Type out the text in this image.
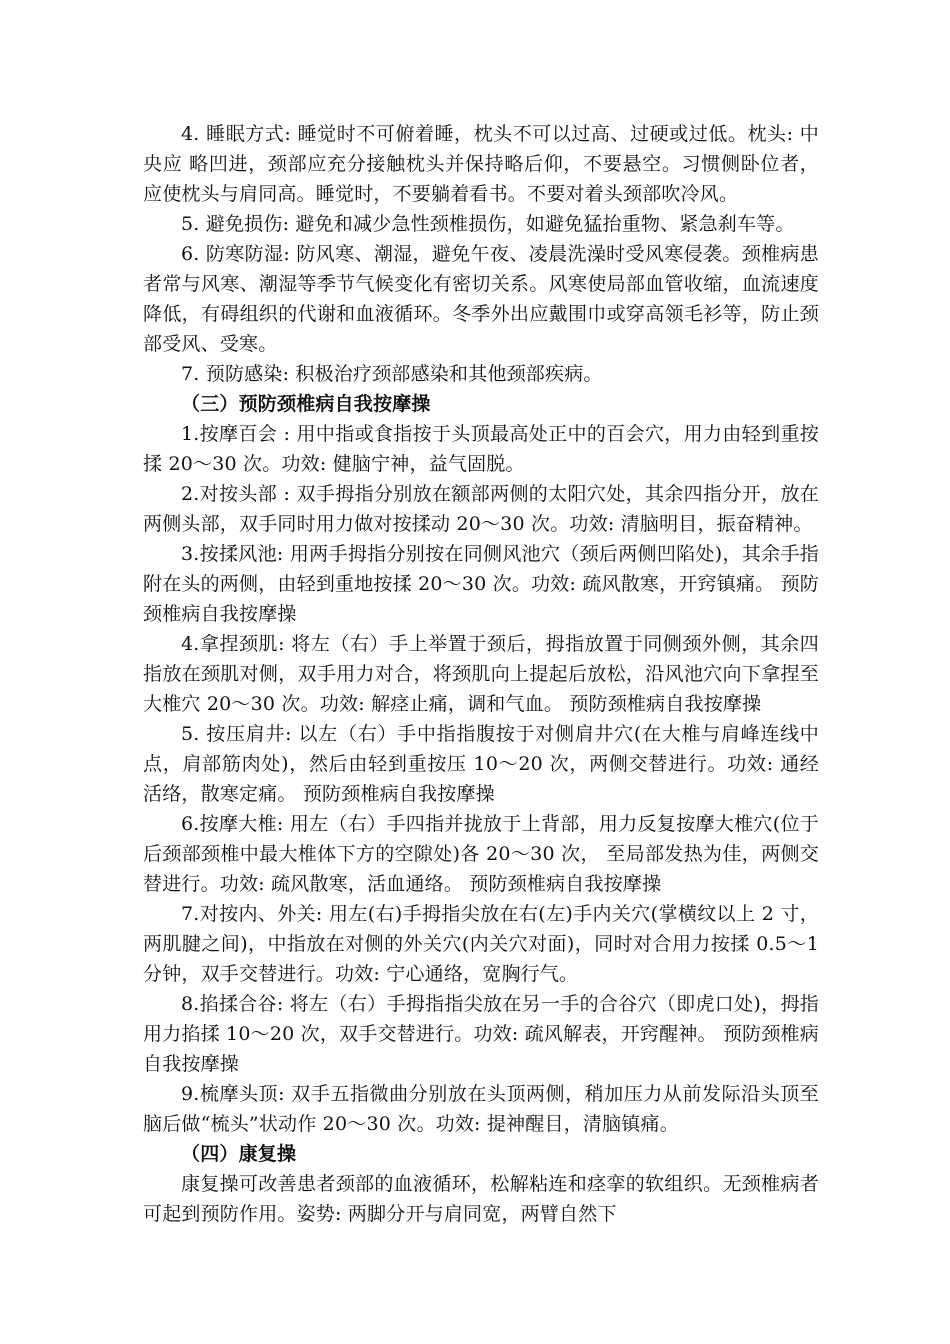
4. 睡眠方式: 睡觉时不可俯着睡，枕头不可以过高、过硬或过低。枕头: 中央应 略凹进，颈部应充分接触枕头并保持略后仰，不要悬空。习惯侧卧位者，应使枕头与肩同高。睡觉时，不要躺着看书。不要对着头颈部吹冷风。

5. 避免损伤: 避免和减少急性颈椎损伤，如避免猛抬重物、紧急刹车等。

6. 防寒防湿: 防风寒、潮湿，避免午夜、凌晨洗澡时受风寒侵袭。颈椎病患者常与风寒、潮湿等季节气候变化有密切关系。风寒使局部血管收缩，血流速度降低，有碍组织的代谢和血液循环。冬季外出应戴围巾或穿高领毛衫等，防止颈部受风、受寒。

7. 预防感染: 积极治疗颈部感染和其他颈部疾病。

（三）预防颈椎病自我按摩操

1.按摩百会 : 用中指或食指按于头顶最高处正中的百会穴，用力由轻到重按揉 20～30 次。功效: 健脑宁神，益气固脱。

2.对按头部 : 双手拇指分别放在额部两侧的太阳穴处，其余四指分开，放在两侧头部，双手同时用力做对按揉动 20～30 次。功效: 清脑明目，振奋精神。

3.按揉风池: 用两手拇指分别按在同侧风池穴（颈后两侧凹陷处)，其余手指附在头的两侧，由轻到重地按揉 20～30 次。功效: 疏风散寒，开窍镇痛。 预防颈椎病自我按摩操

4.拿捏颈肌: 将左（右）手上举置于颈后，拇指放置于同侧颈外侧，其余四指放在颈肌对侧，双手用力对合，将颈肌向上提起后放松，沿风池穴向下拿捏至大椎穴 20～30 次。功效: 解痉止痛，调和气血。 预防颈椎病自我按摩操

5. 按压肩井: 以左（右）手中指指腹按于对侧肩井穴(在大椎与肩峰连线中点，肩部筋肉处)，然后由轻到重按压 10～20 次，两侧交替进行。功效: 通经活络，散寒定痛。 预防颈椎病自我按摩操

6.按摩大椎: 用左（右）手四指并拢放于上背部，用力反复按摩大椎穴(位于后颈部颈椎中最大椎体下方的空隙处)各 20～30 次， 至局部发热为佳，两侧交替进行。功效: 疏风散寒，活血通络。 预防颈椎病自我按摩操

7.对按内、外关: 用左(右)手拇指尖放在右(左)手内关穴(掌横纹以上 2 寸，两肌腱之间)，中指放在对侧的外关穴(内关穴对面)，同时对合用力按揉 0.5～1 分钟，双手交替进行。功效: 宁心通络，宽胸行气。

8.掐揉合谷: 将左（右）手拇指指尖放在另一手的合谷穴（即虎口处)，拇指用力掐揉 10～20 次，双手交替进行。功效: 疏风解表，开窍醒神。 预防颈椎病自我按摩操

9.梳摩头顶: 双手五指微曲分别放在头顶两侧，稍加压力从前发际沿头顶至脑后做“梳头”状动作 20～30 次。功效: 提神醒目，清脑镇痛。

（四）康复操

康复操可改善患者颈部的血液循环，松解粘连和痉挛的软组织。无颈椎病者可起到预防作用。姿势: 两脚分开与肩同宽，两臂自然下
